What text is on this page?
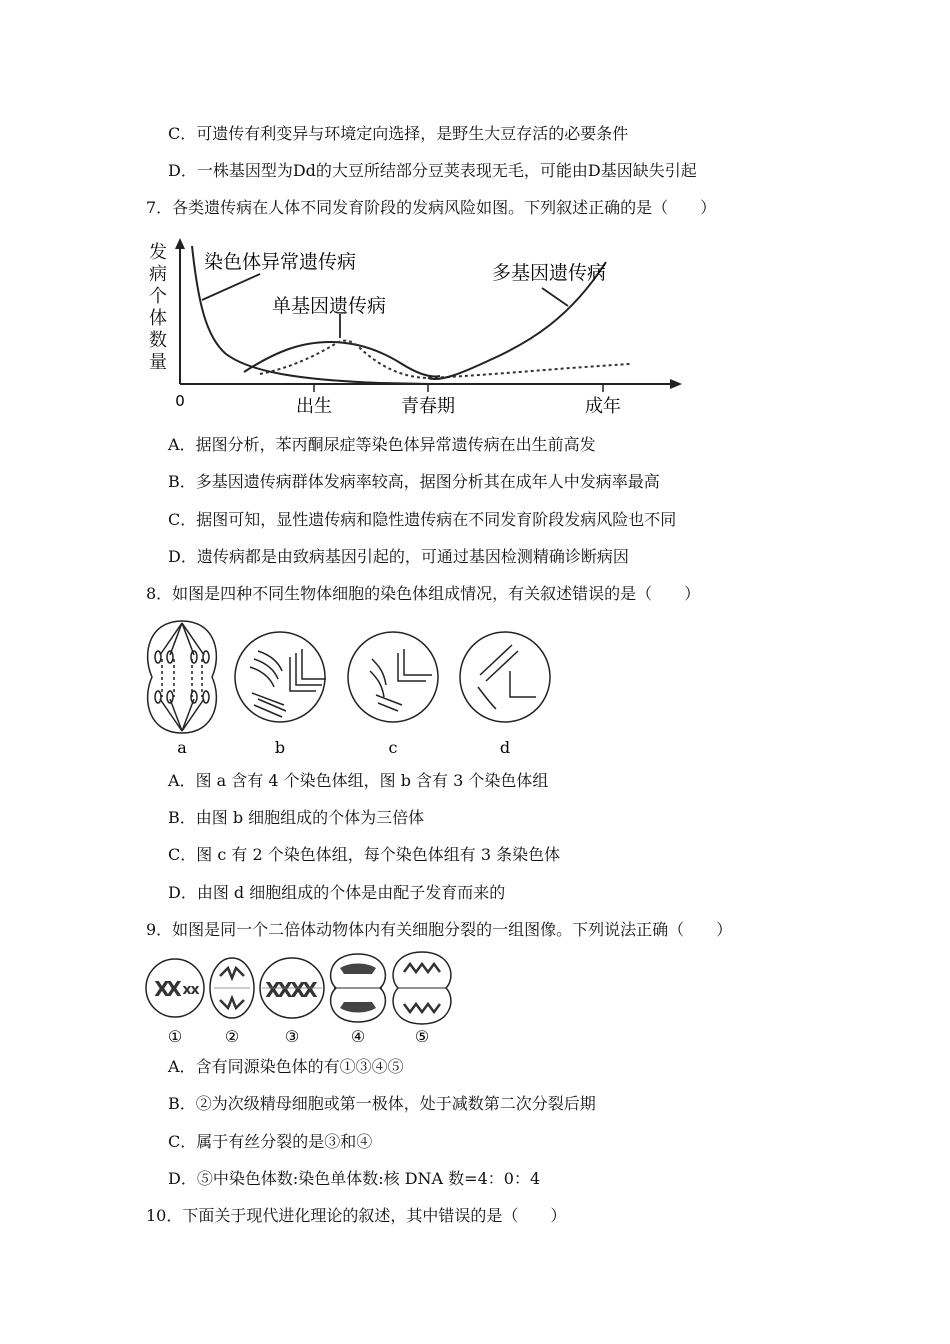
C．可遗传有利变异与环境定向选择，是野生大豆存活的必要条件
D．一株基因型为Dd的大豆所结部分豆荚表现无毛，可能由D基因缺失引起
7．各类遗传病在人体不同发育阶段的发病风险如图。下列叙述正确的是（　　）
发
病
个
体
数
量
0	出生	青春期	成年
染色体异常遗传病
单基因遗传病
多基因遗传病
A．据图分析，苯丙酮尿症等染色体异常遗传病在出生前高发
B．多基因遗传病群体发病率较高，据图分析其在成年人中发病率最高
C．据图可知，显性遗传病和隐性遗传病在不同发育阶段发病风险也不同
D．遗传病都是由致病基因引起的，可通过基因检测精确诊断病因
8．如图是四种不同生物体细胞的染色体组成情况，有关叙述错误的是（　　）
a	b	c	d
A．图 a 含有 4 个染色体组，图 b 含有 3 个染色体组
B．由图 b 细胞组成的个体为三倍体
C．图 c 有 2 个染色体组，每个染色体组有 3 条染色体
D．由图 d 细胞组成的个体是由配子发育而来的
9．如图是同一个二倍体动物体内有关细胞分裂的一组图像。下列说法正确（　　）
X
X x
x	X
X
X
X
①	②	③	④	⑤
A．含有同源染色体的有①③④⑤
B．②为次级精母细胞或第一极体，处于减数第二次分裂后期
C．属于有丝分裂的是③和④
D．⑤中染色体数:染色单体数:核 DNA 数=4：0：4
10．下面关于现代进化理论的叙述，其中错误的是（　　）
